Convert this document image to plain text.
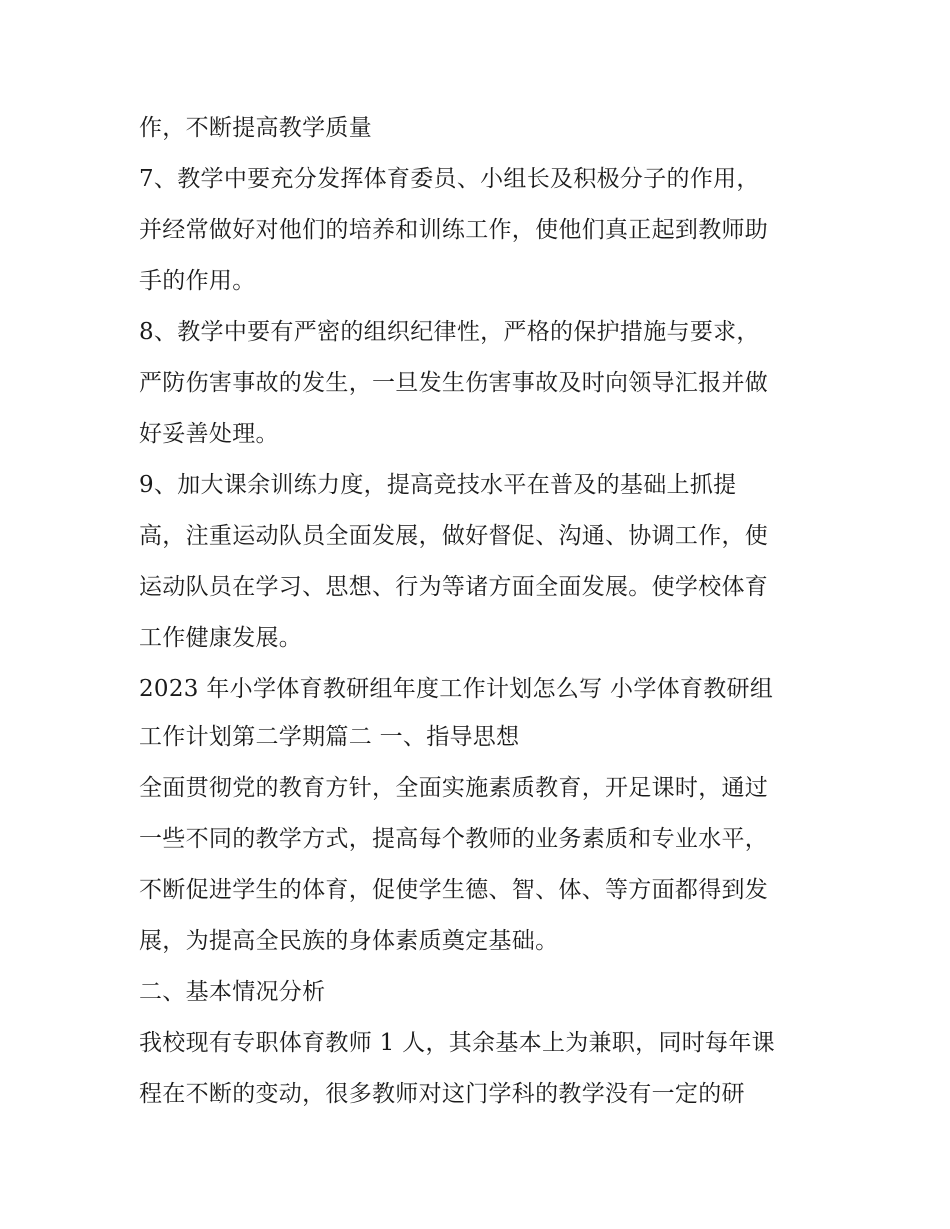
作，不断提高教学质量
7、教学中要充分发挥体育委员、小组长及积极分子的作用，
并经常做好对他们的培养和训练工作，使他们真正起到教师助
手的作用。
8、教学中要有严密的组织纪律性，严格的保护措施与要求，
严防伤害事故的发生，一旦发生伤害事故及时向领导汇报并做
好妥善处理。
9、加大课余训练力度，提高竞技水平在普及的基础上抓提
高，注重运动队员全面发展，做好督促、沟通、协调工作，使
运动队员在学习、思想、行为等诸方面全面发展。使学校体育
工作健康发展。
2023 年小学体育教研组年度工作计划怎么写 小学体育教研组
工作计划第二学期篇二 一、指导思想
全面贯彻党的教育方针，全面实施素质教育，开足课时，通过
一些不同的教学方式，提高每个教师的业务素质和专业水平，
不断促进学生的体育，促使学生德、智、体、等方面都得到发
展，为提高全民族的身体素质奠定基础。
二、基本情况分析
我校现有专职体育教师 1 人，其余基本上为兼职，同时每年课
程在不断的变动，很多教师对这门学科的教学没有一定的研
